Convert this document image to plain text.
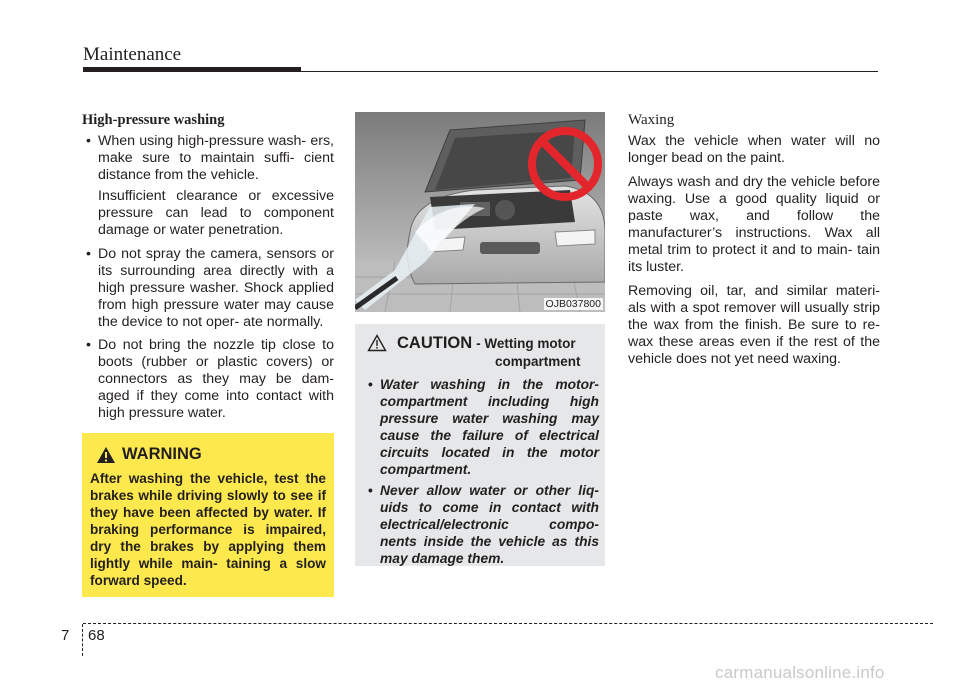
Maintenance
High-pressure washing
• When using high-pressure wash- ers, make sure to maintain suffi- cient distance from the vehicle.
Insufficient clearance or excessive pressure can lead to component damage or water penetration.
• Do not spray the camera, sensors or its surrounding area directly with a high pressure washer. Shock applied from high pressure water may cause the device to not oper- ate normally.
• Do not bring the nozzle tip close to boots (rubber or plastic covers) or connectors as they may be dam- aged if they come into contact with high pressure water.
WARNING
After washing the vehicle, test the brakes while driving slowly to see if they have been affected by water. If braking performance is impaired, dry the brakes by applying them lightly while main- taining a slow forward speed.
OJB037800
CAUTION - Wetting motor
compartment
• Water washing in the motor- compartment including high pressure water washing may cause the failure of electrical circuits located in the motor compartment.
• Never allow water or other liq- uids to come in contact with electrical/electronic compo- nents inside the vehicle as this may damage them.
Waxing
Wax the vehicle when water will no longer bead on the paint.
Always wash and dry the vehicle before waxing. Use a good quality liquid or paste wax, and follow the manufacturer’s instructions. Wax all metal trim to protect it and to main- tain its luster.
Removing oil, tar, and similar materi- als with a spot remover will usually strip the wax from the finish. Be sure to re-wax these areas even if the rest of the vehicle does not yet need waxing.
7 68
carmanualsonline.info
